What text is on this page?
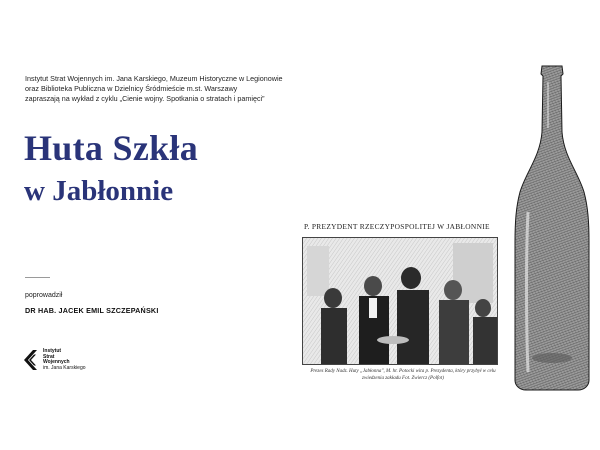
Instytut Strat Wojennych im. Jana Karskiego, Muzeum Historyczne w Legionowie
oraz Biblioteka Publiczna w Dzielnicy Śródmieście m.st. Warszawy
zapraszają na wykład z cyklu „Cienie wojny. Spotkania o stratach i pamięci”
Huta Szkła
w Jabłonnie
poprowadził
DR HAB. JACEK EMIL SZCZEPAŃSKI
Instytut
Strat
Wojennych
im. Jana Karskiego
P. PREZYDENT RZECZYPOSPOLITEJ W JABŁONNIE
Prezes Rady Nadz. Huty „Jabłonna", M. hr. Potocki wita p. Prezydenta, który przybył w celu zwiedzenia zakładu Fot. Zwiercz (Polfot)
